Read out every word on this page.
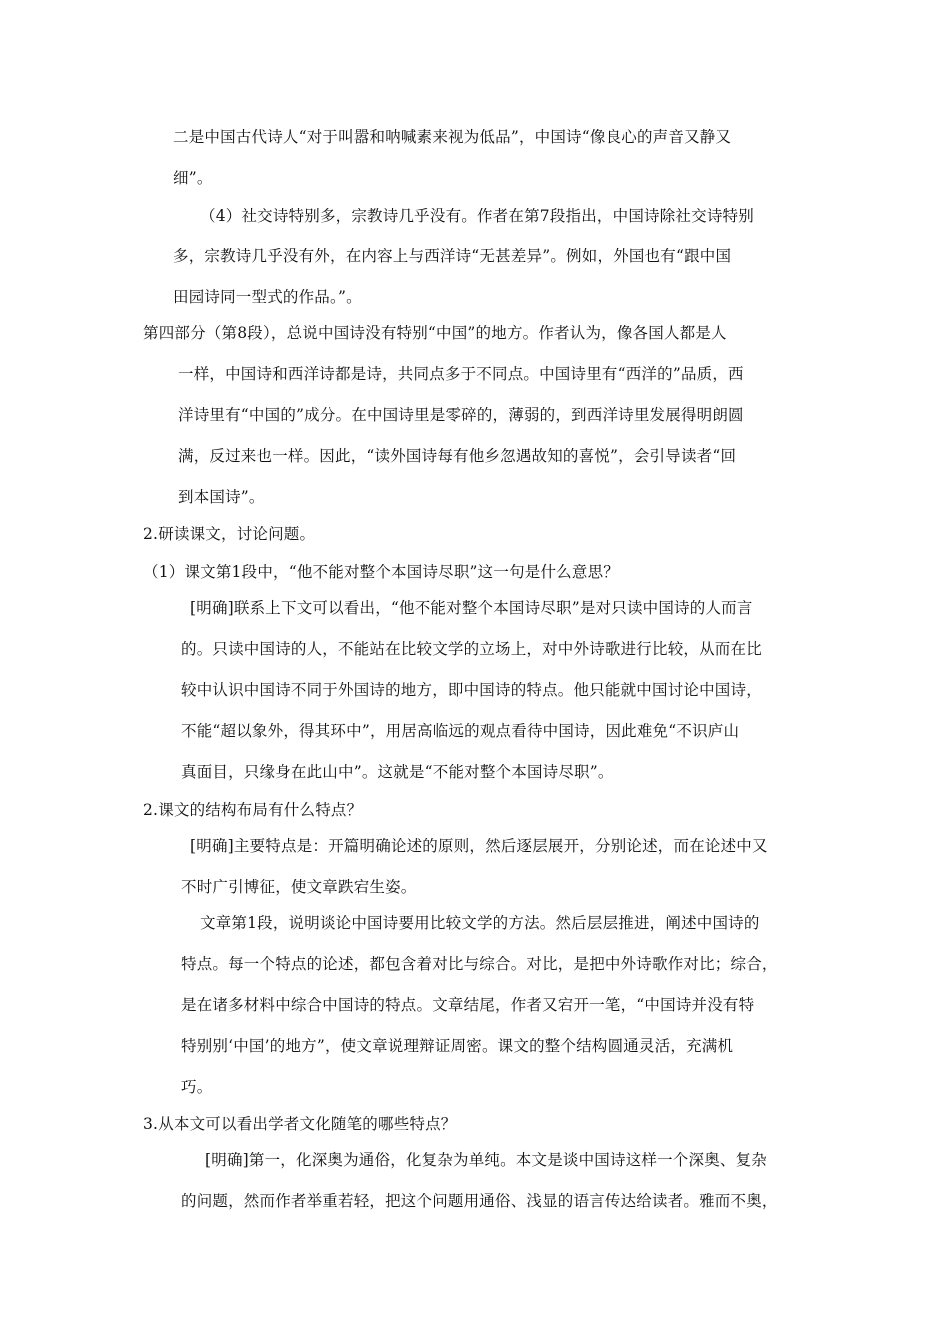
二是中国古代诗人“对于叫嚣和呐喊素来视为低品”，中国诗“像良心的声音又静又
细”。
（4）社交诗特别多，宗教诗几乎没有。作者在第7段指出，中国诗除社交诗特别
多，宗教诗几乎没有外，在内容上与西洋诗“无甚差异”。例如，外国也有“跟中国
田园诗同一型式的作品。”。
第四部分（第8段），总说中国诗没有特别“中国”的地方。作者认为，像各国人都是人
一样，中国诗和西洋诗都是诗，共同点多于不同点。中国诗里有“西洋的”品质，西
洋诗里有“中国的”成分。在中国诗里是零碎的，薄弱的，到西洋诗里发展得明朗圆
满，反过来也一样。因此，“读外国诗每有他乡忽遇故知的喜悦”，会引导读者“回
到本国诗”。
2.研读课文，讨论问题。
（1）课文第1段中，“他不能对整个本国诗尽职”这一句是什么意思？
[明确]联系上下文可以看出，“他不能对整个本国诗尽职”是对只读中国诗的人而言
的。只读中国诗的人，不能站在比较文学的立场上，对中外诗歌进行比较，从而在比
较中认识中国诗不同于外国诗的地方，即中国诗的特点。他只能就中国讨论中国诗，
不能“超以象外，得其环中”，用居高临远的观点看待中国诗，因此难免“不识庐山
真面目，只缘身在此山中”。这就是“不能对整个本国诗尽职”。
2.课文的结构布局有什么特点？
[明确]主要特点是：开篇明确论述的原则，然后逐层展开，分别论述，而在论述中又
不时广引博征，使文章跌宕生姿。
文章第1段，说明谈论中国诗要用比较文学的方法。然后层层推进，阐述中国诗的
特点。每一个特点的论述，都包含着对比与综合。对比，是把中外诗歌作对比；综合，
是在诸多材料中综合中国诗的特点。文章结尾，作者又宕开一笔，“中国诗并没有特
特别别‘中国’的地方”，使文章说理辩证周密。课文的整个结构圆通灵活，充满机
巧。
3.从本文可以看出学者文化随笔的哪些特点？
[明确]第一，化深奥为通俗，化复杂为单纯。本文是谈中国诗这样一个深奥、复杂
的问题，然而作者举重若轻，把这个问题用通俗、浅显的语言传达给读者。雅而不奥，
